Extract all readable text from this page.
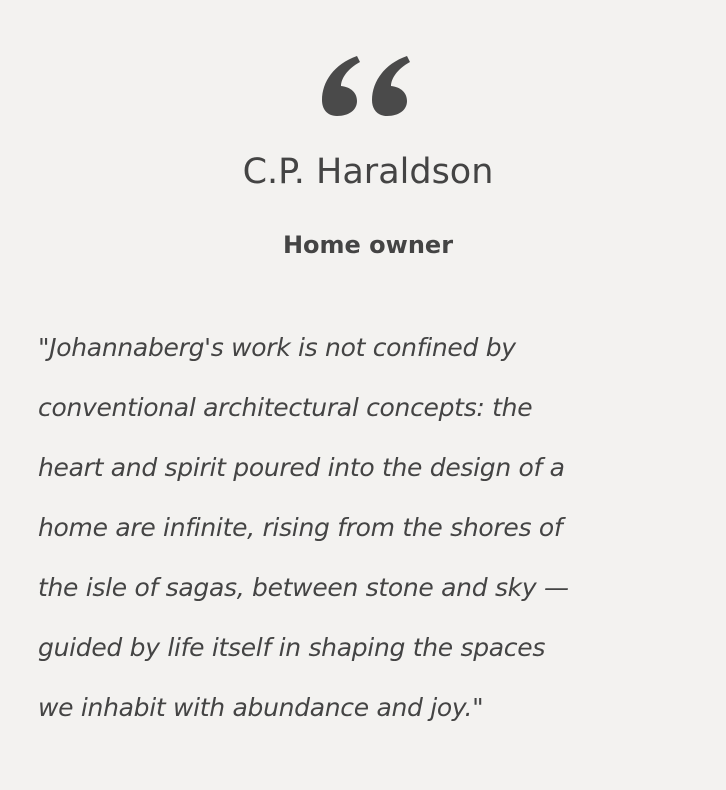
C.P. Haraldson
Home owner

"Johannaberg's work is not confined by
conventional architectural concepts: the
heart and spirit poured into the design of a
home are infinite, rising from the shores of
the isle of sagas, between stone and sky —
guided by life itself in shaping the spaces
we inhabit with abundance and joy."
